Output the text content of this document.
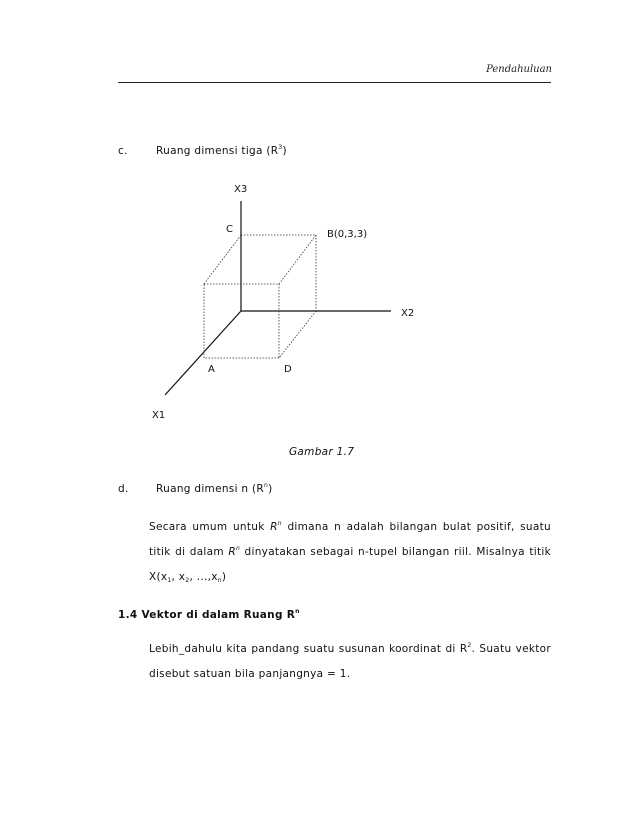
Pendahuluan
c.	Ruang dimensi tiga $(R^3)$
X3
X2
X1
C	B(0,3,3)
A	D
Gambar 1.7
d.	Ruang dimensi n $(R^n)$
Secara umum untuk $R^n$ dimana n adalah bilangan bulat positif, suatu titik di dalam $R^n$ dinyatakan sebagai n-tupel bilangan riil. Misalnya titik $X(x_1$, $x_2$, $...,x_n$)
1.4 Vektor di dalam Ruang $R^n$
Lebih_dahulu kita pandang suatu susunan koordinat di $R^2$. Suatu vektor disebut satuan bila panjangnya = 1.
